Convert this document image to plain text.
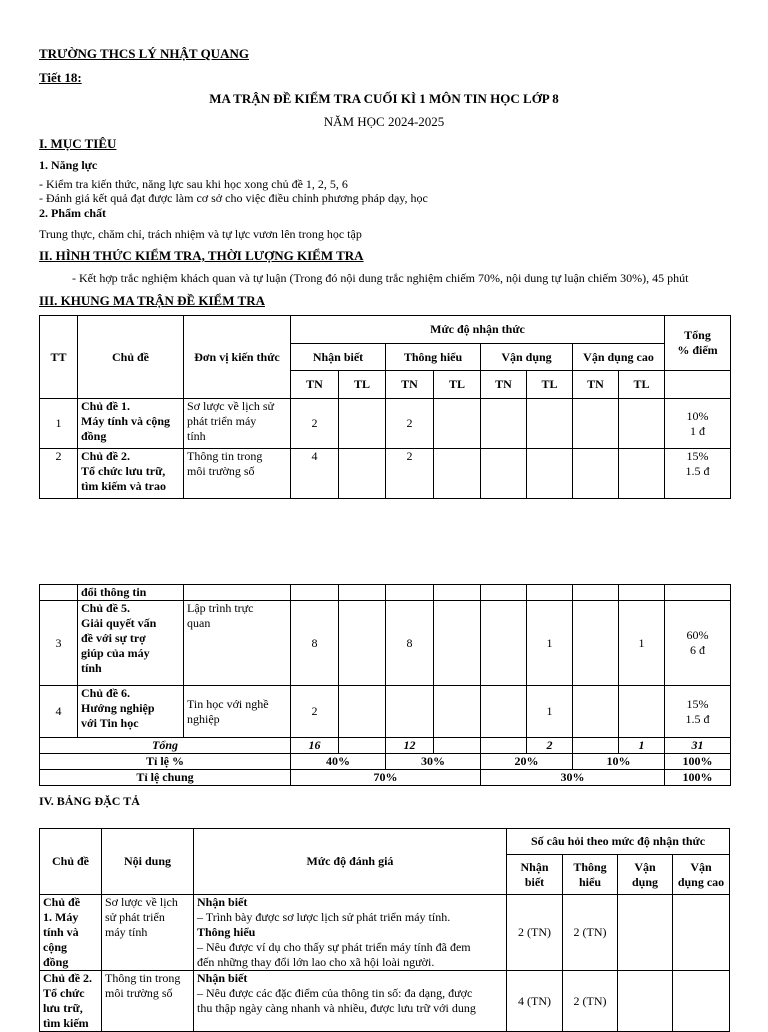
TRƯỜNG THCS LÝ NHẬT QUANG
Tiết 18:
MA TRẬN ĐỀ KIỂM TRA CUỐI KÌ 1 MÔN TIN HỌC LỚP 8
NĂM HỌC 2024-2025
I. MỤC TIÊU
1. Năng lực
- Kiểm tra kiến thức, năng lực sau khi học xong chủ đề 1, 2, 5, 6
- Đánh giá kết quả đạt được làm cơ sở cho việc điều chỉnh phương pháp dạy, học
2. Phẩm chất
Trung thực, chăm chỉ, trách nhiệm và tự lực vươn lên trong học tập
II. HÌNH THỨC KIỂM TRA, THỜI LƯỢNG KIỂM TRA
- Kết hợp trắc nghiệm khách quan và tự luận (Trong đó nội dung trắc nghiệm chiếm 70%, nội dung tự luận chiếm 30%), 45 phút
III. KHUNG MA TRẬN ĐỀ KIỂM TRA
TT	Chủ đề	Đơn vị kiến thức	Mức độ nhận thức								Tổng
% điểm

			Nhận biết		Thông hiểu		Vận dụng		Vận dụng cao		
			TN	TL	TN	TL	TN	TL	TN	TL	
1	Chủ đề 1.
Máy tính và cộng
đồng	Sơ lược về lịch sử
phát triển máy
tính	2		2						10%
1 đ

2	Chủ đề 2.
Tổ chức lưu trữ,
tìm kiếm và trao	Thông tin trong
môi trường số	4		2						15%
1.5 đ
	đổi thông tin										
3	Chủ đề 5.
Giải quyết vấn
đề với sự trợ
giúp của máy
tính	Lập trình trực
quan	8		8			1		1	60%
6 đ

4	Chủ đề 6.
Hướng nghiệp
với Tin học	Tin học với nghề
nghiệp	2					1			15%
1.5 đ

Tổng			16		12			2		1	31
Tỉ lệ %			40%		30%		20%		10%		100%
Tỉ lệ chung			70%				30%				100%
IV. BẢNG ĐẶC TẢ
Chủ đề	Nội dung	Mức độ đánh giá	Số câu hỏi theo mức độ nhận thức			

			Nhận
biết	Thông
hiểu	Vận
dụng	Vận
dụng cao

Chủ đề
1. Máy
tính và
cộng
đồng	Sơ lược về lịch
sử phát triển
máy tính	Nhận biết
– Trình bày được sơ lược lịch sử phát triển máy tính.
Thông hiểu
– Nêu được ví dụ cho thấy sự phát triển máy tính đã đem
đến những thay đổi lớn lao cho xã hội loài người.	2 (TN)	2 (TN)		

Chủ đề 2.
Tổ chức
lưu trữ,
tìm kiếm	Thông tin trong
môi trường số	Nhận biết
– Nêu được các đặc điểm của thông tin số: đa dạng, được
thu thập ngày càng nhanh và nhiều, được lưu trữ với dung	4 (TN)	2 (TN)		
